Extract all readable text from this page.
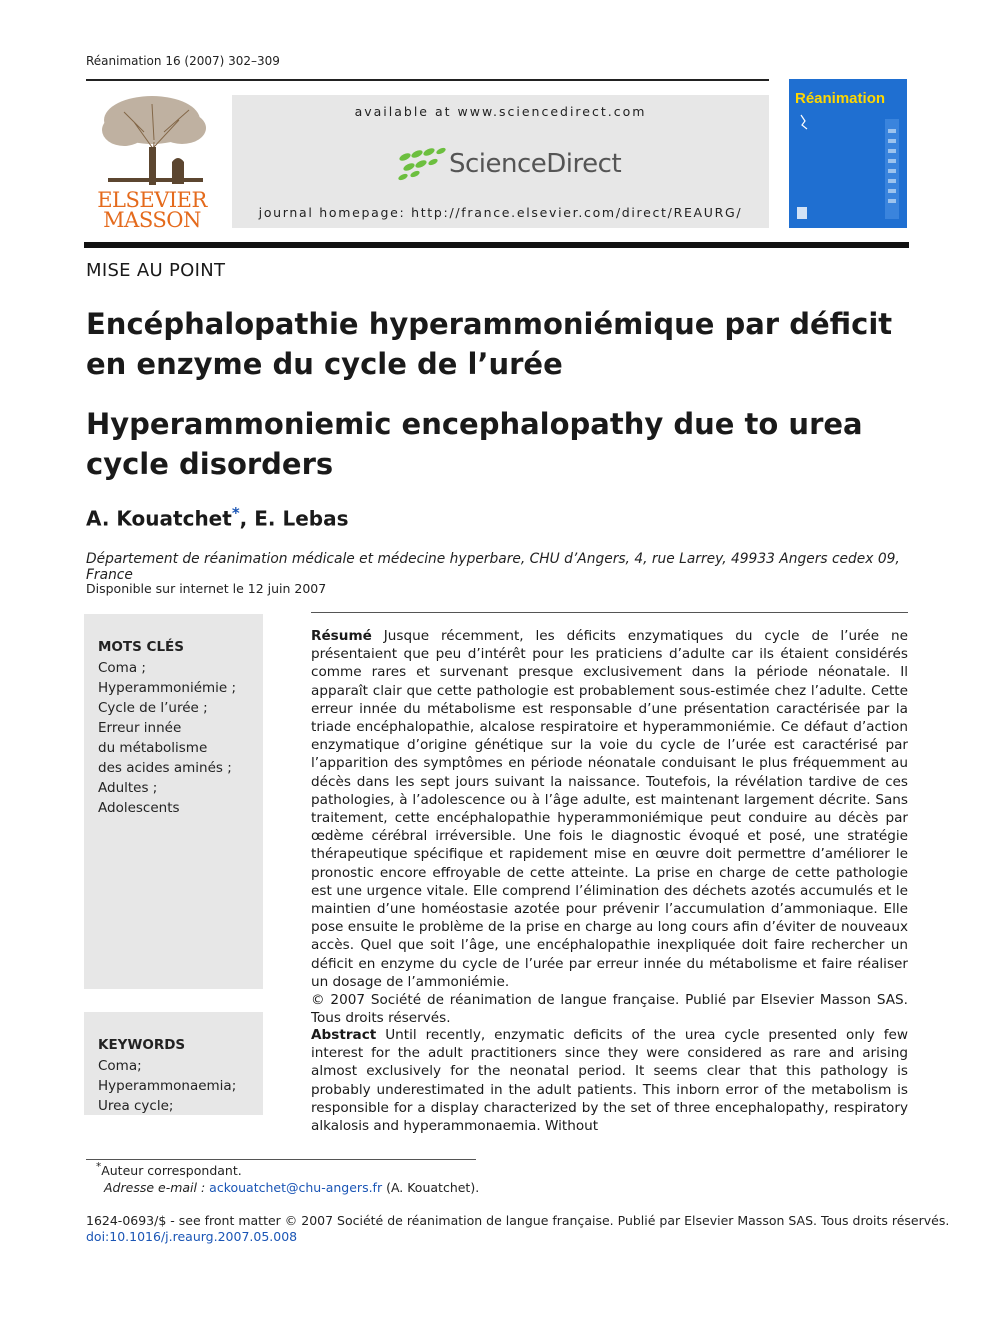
Réanimation 16 (2007) 302–309
ELSEVIER
MASSON
available at www.sciencedirect.com
ScienceDirect
journal homepage: http://france.elsevier.com/direct/REAURG/
Réanimation
MISE AU POINT
Encéphalopathie hyperammoniémique par déficit en enzyme du cycle de l’urée
Hyperammoniemic encephalopathy due to urea cycle disorders
A. Kouatchet*, E. Lebas
Département de réanimation médicale et médecine hyperbare, CHU d’Angers, 4, rue Larrey, 49933 Angers cedex 09, France
Disponible sur internet le 12 juin 2007
MOTS CLÉS
Coma ;
Hyperammoniémie ;
Cycle de l’urée ;
Erreur innée
du métabolisme
des acides aminés ;
Adultes ;
Adolescents
Résumé Jusque récemment, les déficits enzymatiques du cycle de l’urée ne présentaient que peu d’intérêt pour les praticiens d’adulte car ils étaient considérés comme rares et survenant presque exclusivement dans la période néonatale. Il apparaît clair que cette pathologie est probablement sous-estimée chez l’adulte. Cette erreur innée du métabolisme est responsable d’une présentation caractérisée par la triade encéphalopathie, alcalose respiratoire et hyperammoniémie. Ce défaut d’action enzymatique d’origine génétique sur la voie du cycle de l’urée est caractérisé par l’apparition des symptômes en période néonatale conduisant le plus fréquemment au décès dans les sept jours suivant la naissance. Toutefois, la révélation tardive de ces pathologies, à l’adolescence ou à l’âge adulte, est maintenant largement décrite. Sans traitement, cette encéphalopathie hyperammoniémique peut conduire au décès par œdème cérébral irréversible. Une fois le diagnostic évoqué et posé, une stratégie thérapeutique spécifique et rapidement mise en œuvre doit permettre d’améliorer le pronostic encore effroyable de cette atteinte. La prise en charge de cette pathologie est une urgence vitale. Elle comprend l’élimination des déchets azotés accumulés et le maintien d’une homéostasie azotée pour prévenir l’accumulation d’ammoniaque. Elle pose ensuite le problème de la prise en charge au long cours afin d’éviter de nouveaux accès. Quel que soit l’âge, une encéphalopathie inexpliquée doit faire rechercher un déficit en enzyme du cycle de l’urée par erreur innée du métabolisme et faire réaliser un dosage de l’ammoniémie.
© 2007 Société de réanimation de langue française. Publié par Elsevier Masson SAS. Tous droits réservés.
KEYWORDS
Coma;
Hyperammonaemia;
Urea cycle;
Abstract Until recently, enzymatic deficits of the urea cycle presented only few interest for the adult practitioners since they were considered as rare and arising almost exclusively for the neonatal period. It seems clear that this pathology is probably underestimated in the adult patients. This inborn error of the metabolism is responsible for a display characterized by the set of three encephalopathy, respiratory alkalosis and hyperammonaemia. Without
*Auteur correspondant.
Adresse e-mail : ackouatchet@chu-angers.fr (A. Kouatchet).
1624-0693/$ - see front matter © 2007 Société de réanimation de langue française. Publié par Elsevier Masson SAS. Tous droits réservés.
doi:10.1016/j.reaurg.2007.05.008
